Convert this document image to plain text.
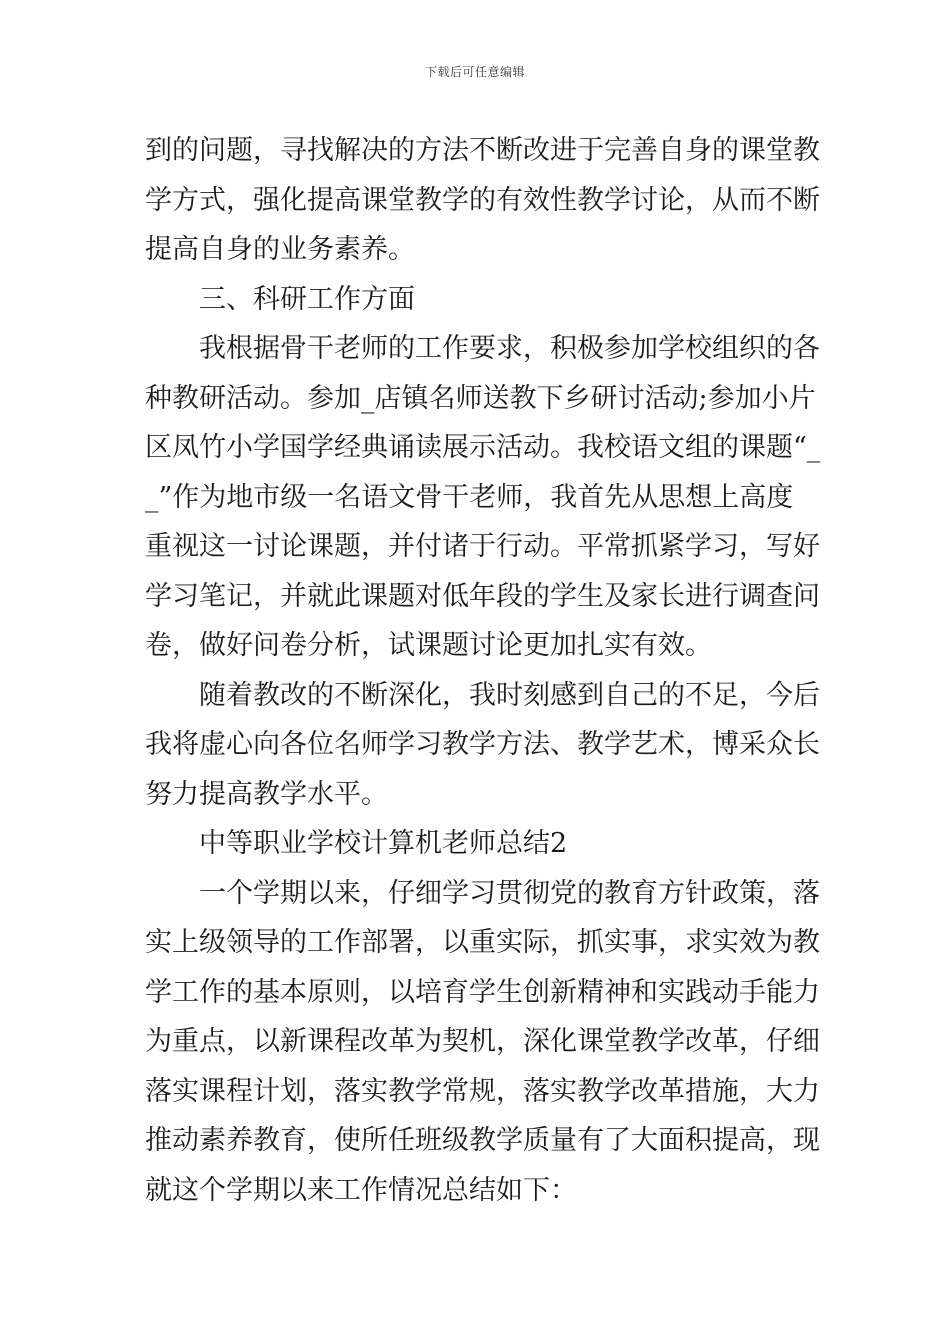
下载后可任意编辑
到的问题，寻找解决的方法不断改进于完善自身的课堂教
学方式，强化提高课堂教学的有效性教学讨论，从而不断
提高自身的业务素养。
三、科研工作方面
我根据骨干老师的工作要求，积极参加学校组织的各
种教研活动。参加_店镇名师送教下乡研讨活动;参加小片
区凤竹小学国学经典诵读展示活动。我校语文组的课题“_
_”作为地市级一名语文骨干老师，我首先从思想上高度
重视这一讨论课题，并付诸于行动。平常抓紧学习，写好
学习笔记，并就此课题对低年段的学生及家长进行调查问
卷，做好问卷分析，试课题讨论更加扎实有效。
随着教改的不断深化，我时刻感到自己的不足，今后
我将虚心向各位名师学习教学方法、教学艺术，博采众长
努力提高教学水平。
中等职业学校计算机老师总结2
一个学期以来，仔细学习贯彻党的教育方针政策，落
实上级领导的工作部署，以重实际，抓实事，求实效为教
学工作的基本原则，以培育学生创新精神和实践动手能力
为重点，以新课程改革为契机，深化课堂教学改革，仔细
落实课程计划，落实教学常规，落实教学改革措施，大力
推动素养教育，使所任班级教学质量有了大面积提高，现
就这个学期以来工作情况总结如下：
